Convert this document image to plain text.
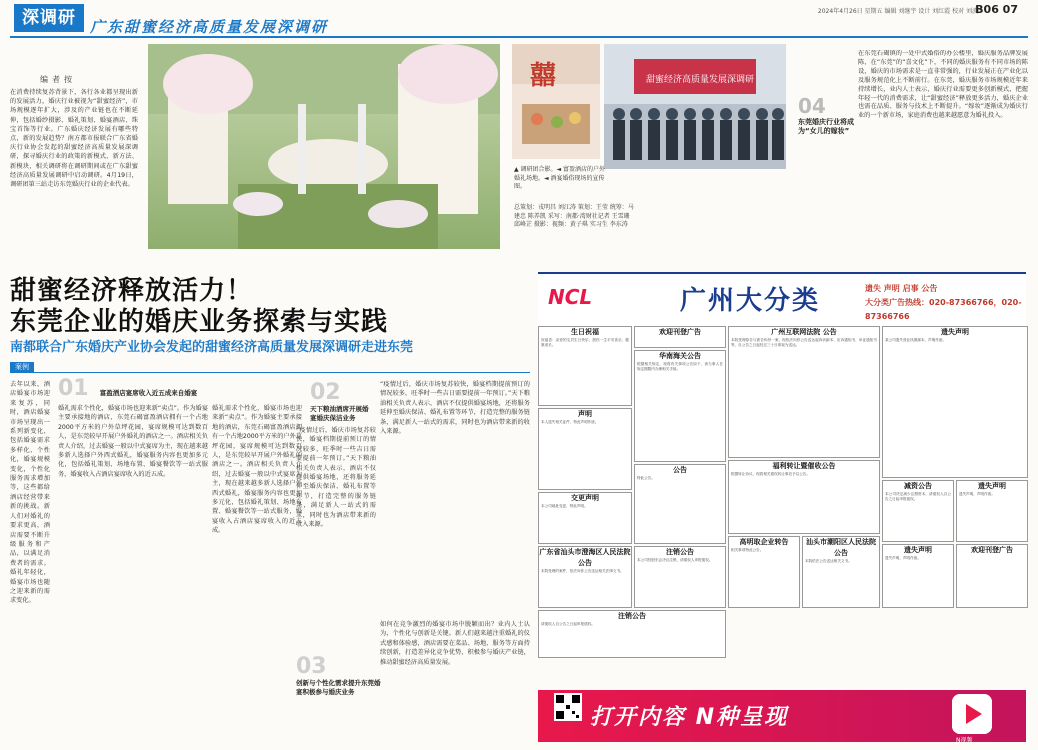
深调研 广东甜蜜经济高质量发展深调研
2024年4月26日 星期五 编辑 刘继宇 设计 刘红霞 校对 刘波
B06 07
编者按
在消费持续复苏背景下，各行各业都呈现出新的发展活力，婚庆行业被视为“甜蜜经济”，市场规模逐年扩大，涉及的产业链也在不断延伸，包括婚纱摄影、婚礼策划、婚宴酒店、珠宝首饰等行业。广东婚庆经济发展有哪些特点，新的发展趋势？南方都市报联合广东省婚庆行业协会发起的甜蜜经济高质量发展深调研，探寻婚庆行业的政策的新模式、新方法、新模块，相关调研将在调研期间或在广东甜蜜经济高质量发展调研中启动调研。4月19日，调研团第三站走访东莞婚庆行业的企业代表。
囍	甜蜜经济高质量发展深调研
▲ 调研团合影。◄ 富盈酒店的户外婚礼场地。◄ 酒宴婚俗现场的宣传图。
总策划：戎明昌 刘江涛 策划：王莹 统筹：马建忠 陈养凯 采写：南都·湾财社记者 王雪珊 邱峰芷 摄影：视频：黄子琪 实习生 李东涛
04
东莞婚庆行业将成为“女儿的嫁妆”
在东莞石碣镇的一处中式婚俗的办公楼里，婚庆服务品牌发展陈，在“东莞”的“喜文化”下，不同的婚庆服务有不同市场的陈设，婚庆的市场需求是一直非常强的，行业发展正在产业化以及服务规范化上不断前行。在东莞，婚庆服务市场规模近年来持续增长，业内人士表示，婚庆行业需要更多创新模式，把握年轻一代的消费需求，让“甜蜜经济”释放更多活力，婚庆企业也需在品质、服务与技术上不断提升。“嫁妆”逐渐成为婚庆行业的一个新市场，家庭消费也越来越愿意为婚礼投入。
甜蜜经济释放活力！
东莞企业的婚庆业务探索与实践
南都联合广东婚庆产业协会发起的甜蜜经济高质量发展深调研走进东莞
案例
去年以来，酒店婚宴市场迎来复苏，同时，酒店婚宴市场呈现出一系列新变化，包括婚宴需求多样化、个性化，婚宴规模变化，个性化服务需求增加等，这些都给酒店经营带来新的挑战。新人们对婚礼的要求更高，酒店需要不断升级服务和产品，以满足消费者的需求。婚礼年轻化，婚宴市场也随之迎来新的需求变化。
01 富盈酒店宴席收入近五成来自婚宴
婚礼需求个性化，婚宴市场也迎来新“卖点”。作为婚宴主要承接地的酒店，东莞石碣富盈酒店拥有一个占地2000平方米的户外草坪花园，宴席规模可达到数百人，是东莞较早开展户外婚礼的酒店之一。酒店相关负责人介绍，过去婚宴一般以中式宴席为主，现在越来越多新人选择户外西式婚礼，婚宴服务内容也更加多元化，包括婚礼策划、场地布置、婚宴餐饮等一站式服务，婚宴收入占酒店宴席收入的近五成。
婚礼需求个性化，婚宴市场也迎来新“卖点”。作为婚宴主要承接地的酒店，东莞石碣富盈酒店拥有一个占地2000平方米的户外草坪花园，宴席规模可达到数百人，是东莞较早开展户外婚礼的酒店之一。酒店相关负责人介绍，过去婚宴一般以中式宴席为主，现在越来越多新人选择户外西式婚礼，婚宴服务内容也更加多元化，包括婚礼策划、场地布置、婚宴餐饮等一站式服务，婚宴收入占酒店宴席收入的近五成。
02
天下粮油酒席开展婚宴婚庆保洁业务
“疫情过后，婚庆市场复苏较快，婚宴档期提前预订的情况较多，旺季时一些吉日需要提前一年预订。”天下粮油相关负责人表示，酒店不仅提供婚宴场地，还将服务延伸至婚庆保洁、婚礼布置等环节，打造完整的服务链条，满足新人一站式的需求，同时也为酒店带来新的收入来源。
“疫情过后，婚庆市场复苏较快，婚宴档期提前预订的情况较多，旺季时一些吉日需要提前一年预订。”天下粮油相关负责人表示，酒店不仅提供婚宴场地，还将服务延伸至婚庆保洁、婚礼布置等环节，打造完整的服务链条，满足新人一站式的需求，同时也为酒店带来新的收入来源。
03
创新与个性化需求提升东莞婚宴积极参与婚庆业务
如何在竞争激烈的婚宴市场中脱颖而出？业内人士认为，个性化与创新是关键。新人们越来越注重婚礼的仪式感和体验感，酒店需要在菜品、场地、服务等方面持续创新，打造差异化竞争优势，积极参与婚庆产业链，推动甜蜜经济高质量发展。
NCL	广州大分类	遗失 声明 启事 公告
大分类广告热线：020-87366766，020-87366766
生日祝福
祝福语：亲爱的宝贝生日快乐，愿你一生平安喜乐，健康成长。
欢迎刊登广告	广州互联网法院 公告
本院受理原告与被告纠纷一案，现依法向你公告送达起诉状副本、应诉通知书、举证通知书等，自公告之日起经过三十日即视为送达。
遗失声明
某公司遗失营业执照副本，声明作废。
声明
本人遗失相关证件，特此声明作废。
华南海关公告
根据相关规定，现将有关事项公告如下，请当事人在规定期限内办理相关手续。
交更声明
本公司地址变更，特此声明。
广东省汕头市澄海区人民法院 公告
本院受理的案件，依法向你公告送达相关法律文书。
福利转让暨催收公告
根据转让协议，现将相关债权转让事宜予以公告。
减资公告
本公司决定减少注册资本，请债权人自公告之日起申报债权。
遗失声明
遗失声明，声明作废。
公告
特此公告。
高明取企业转告
相关事项特此公告。
汕头市潮阳区人民法院 公告
本院依法公告送达相关文书。
注销公告
本公司经股东会决议注销，请债权人申报债权。
欢迎刊登广告
遗失声明
遗失声明，声明作废。
注销公告
请债权人自公告之日起申报债权。
打开内容 N种呈现
N视频
